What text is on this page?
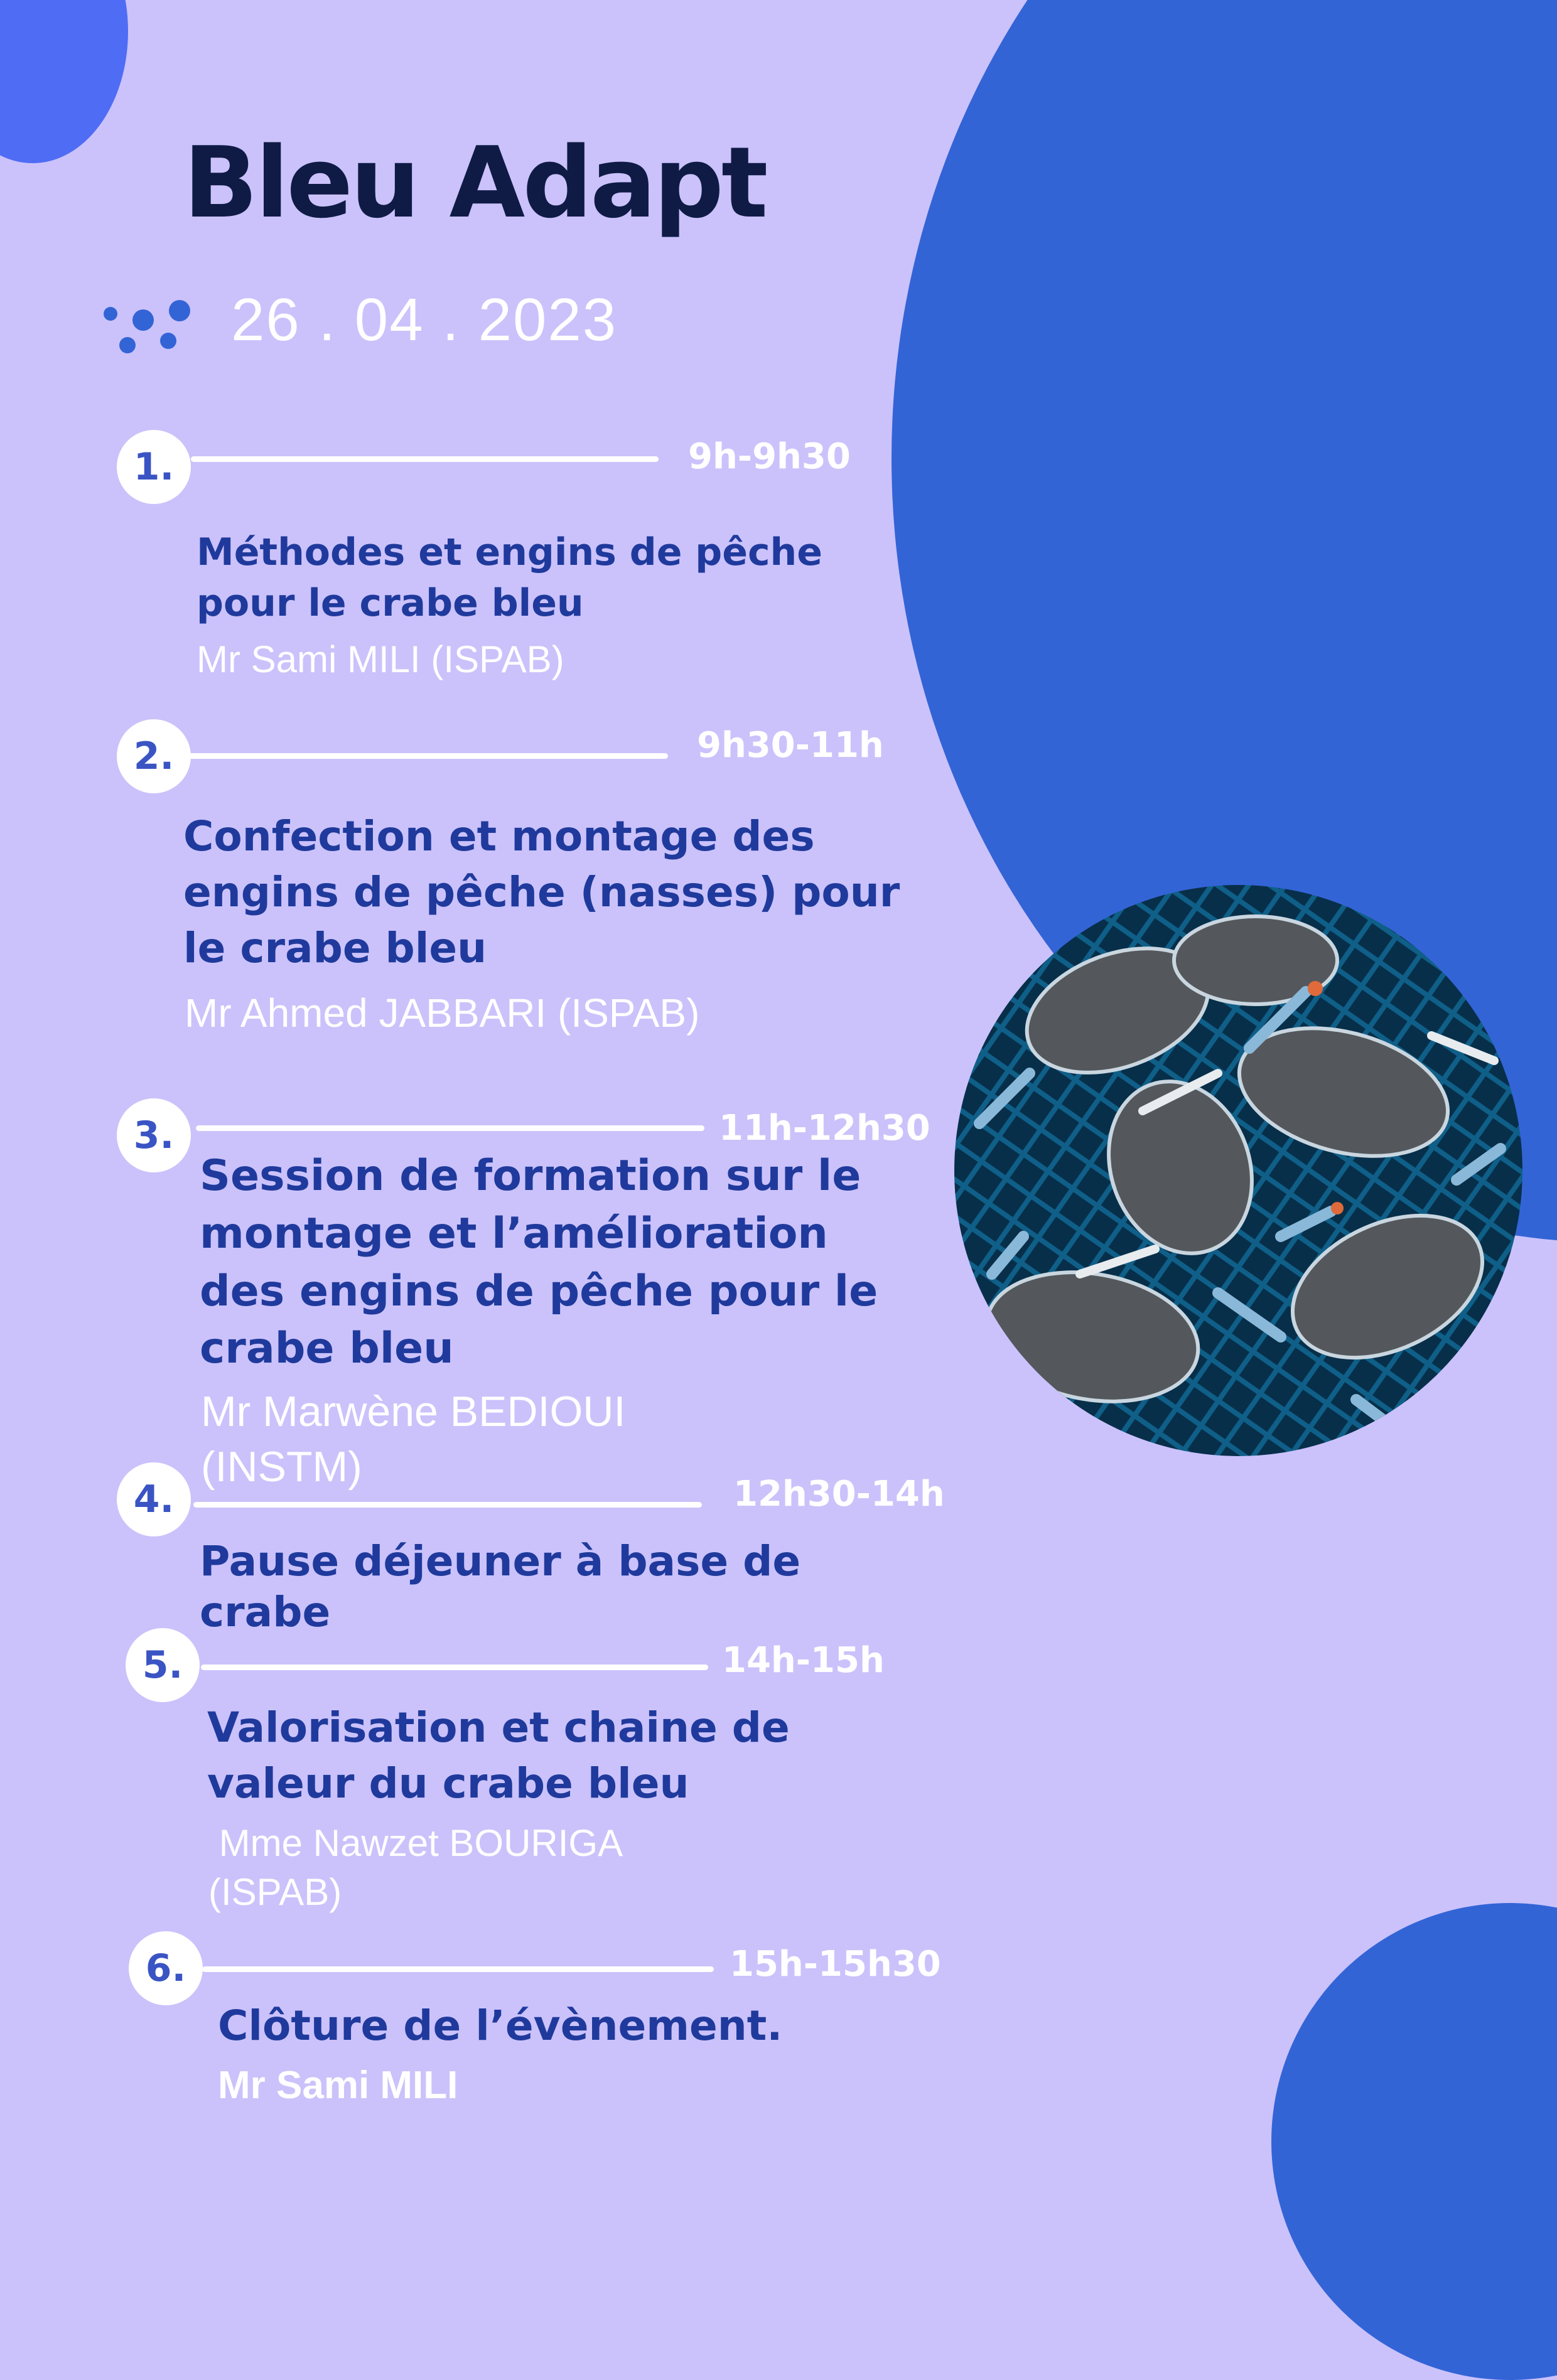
Bleu Adapt
26 . 04 . 2023
1.	9h-9h30

Méthodes et engins de pêche pour le crabe bleu

Mr Sami MILI (ISPAB)

2.	9h30-11h

Confection et montage des engins de pêche (nasses) pour le crabe bleu

Mr Ahmed JABBARI (ISPAB)

3.	11h-12h30

Session de formation sur le montage et l’amélioration des engins de pêche pour le crabe bleu

Mr Marwène BEDIOUI (INSTM)

4.	12h30-14h

Pause déjeuner à base de crabe

5.	14h-15h

Valorisation et chaine de valeur du crabe bleu

Mme Nawzet BOURIGA (ISPAB)

6.	15h-15h30

Clôture de l’évènement.

Mr Sami MILI
